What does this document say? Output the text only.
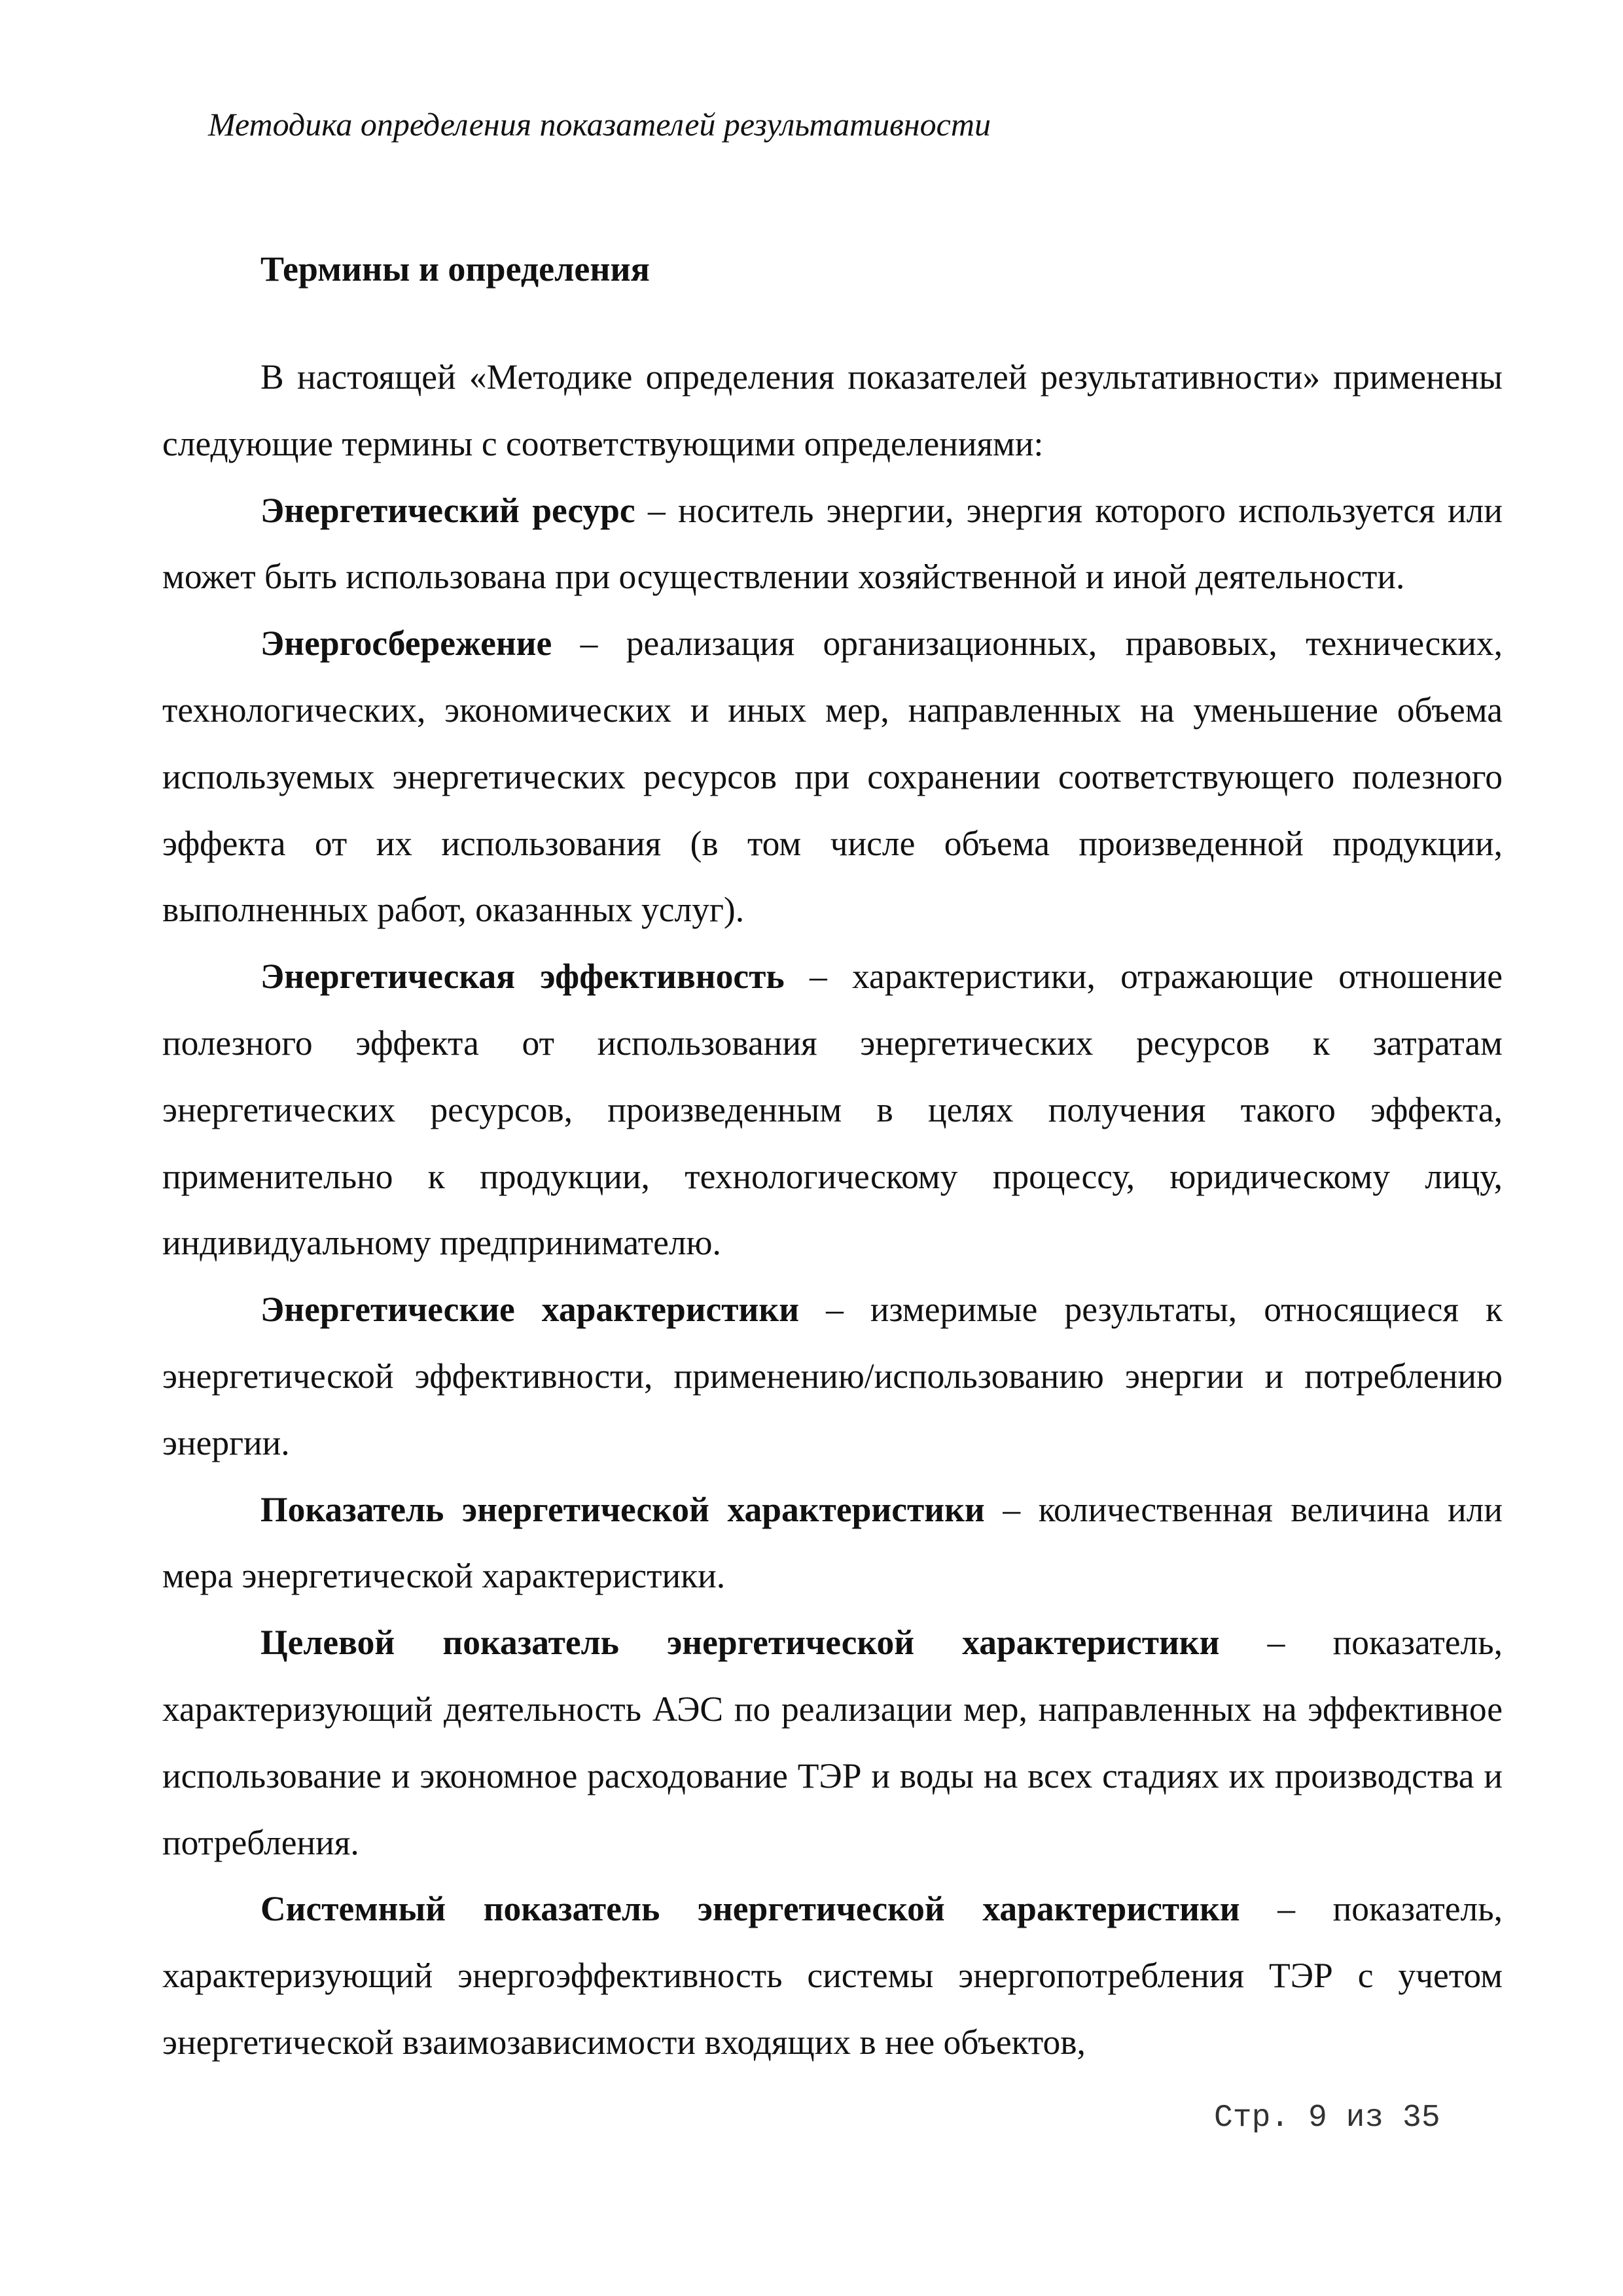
Методика определения показателей результативности
Термины и определения

В настоящей «Методике определения показателей результативности» применены следующие термины с соответствующими определениями:

Энергетический ресурс – носитель энергии, энергия которого используется или может быть использована при осуществлении хозяйственной и иной деятельности.

Энергосбережение – реализация организационных, правовых, технических, технологических, экономических и иных мер, направленных на уменьшение объема используемых энергетических ресурсов при сохранении соответствующего полезного эффекта от их использования (в том числе объема произведенной продукции, выполненных работ, оказанных услуг).

Энергетическая эффективность – характеристики, отражающие отношение полезного эффекта от использования энергетических ресурсов к затратам энергетических ресурсов, произведенным в целях получения такого эффекта, применительно к продукции, технологическому процессу, юридическому лицу, индивидуальному предпринимателю.

Энергетические характеристики – измеримые результаты, относящиеся к энергетической эффективности, применению/использованию энергии и потреблению энергии.

Показатель энергетической характеристики – количественная величина или мера энергетической характеристики.

Целевой показатель энергетической характеристики – показатель, характеризующий деятельность АЭС по реализации мер, направленных на эффективное использование и экономное расходование ТЭР и воды на всех стадиях их производства и потребления.

Системный показатель энергетической характеристики – показатель, характеризующий энергоэффективность системы энергопотребления ТЭР с учетом энергетической взаимозависимости входящих в нее объектов,

Стр. 9 из 35
